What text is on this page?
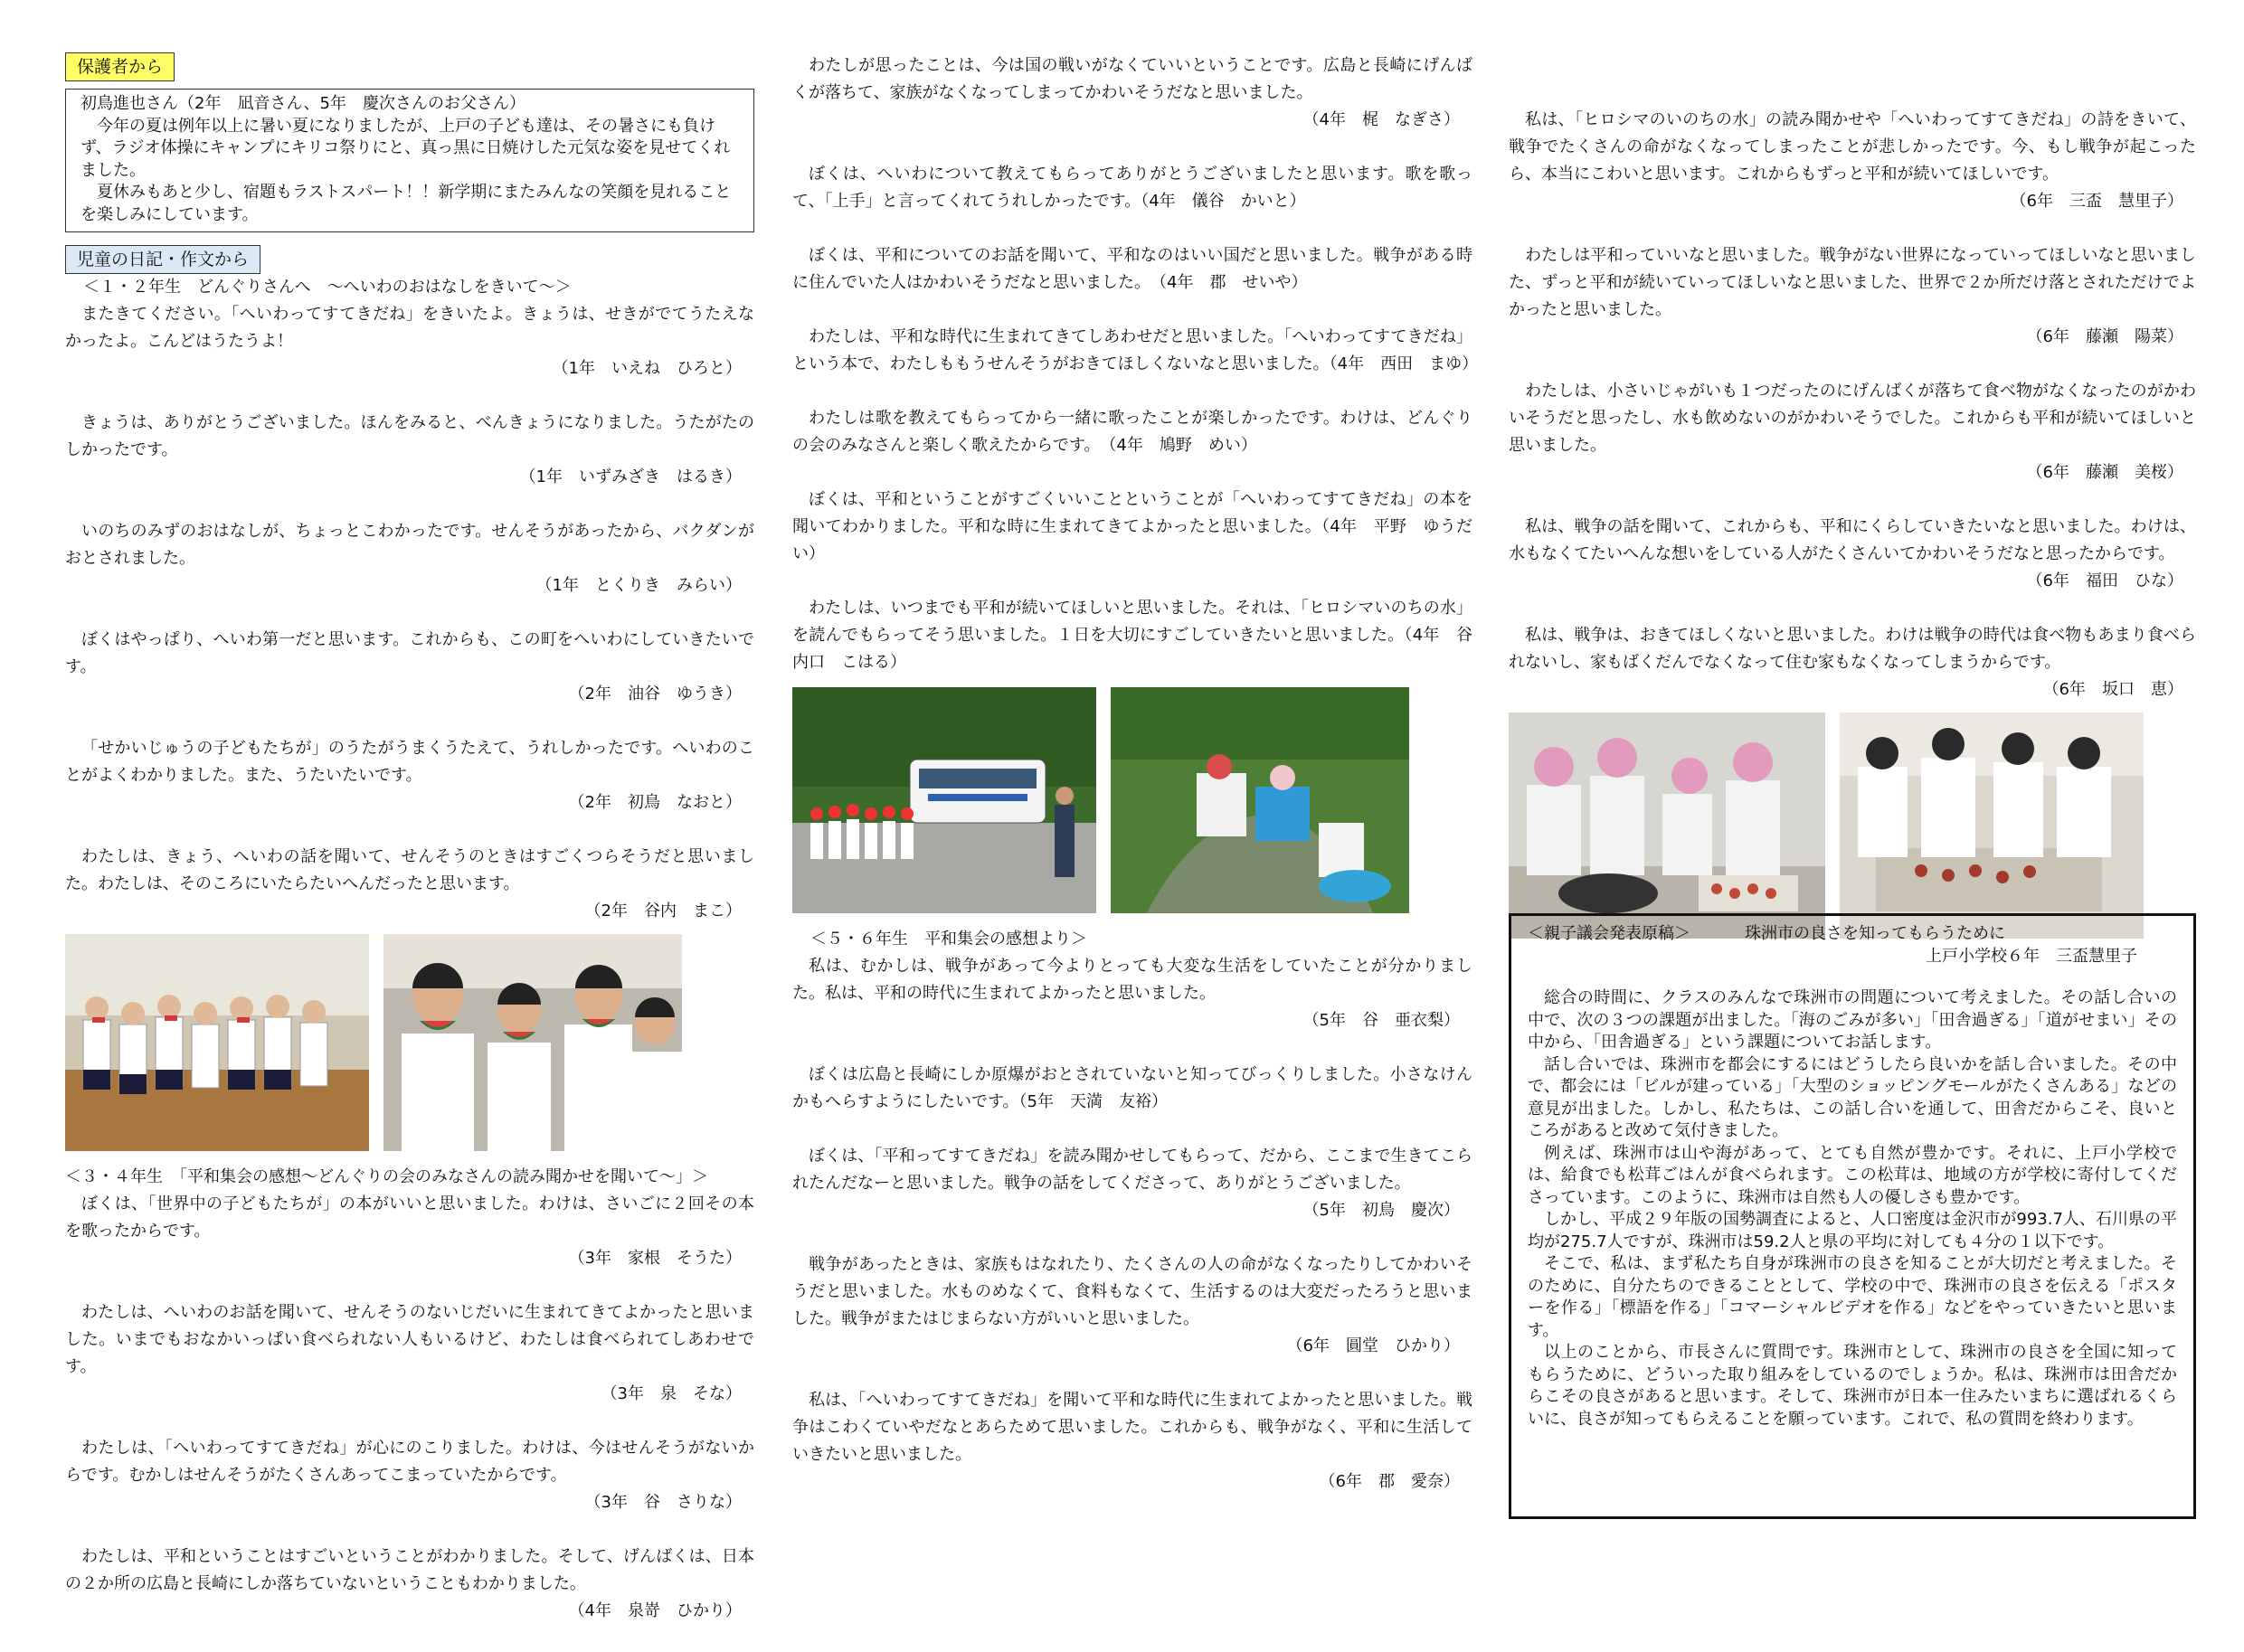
保護者から

初鳥進也さん（2年　凪音さん、5年　慶次さんのお父さん）

今年の夏は例年以上に暑い夏になりましたが、上戸の子ども達は、その暑さにも負けず、ラジオ体操にキャンプにキリコ祭りにと、真っ黒に日焼けした元気な姿を見せてくれました。

夏休みもあと少し、宿題もラストスパート！！新学期にまたみんなの笑顔を見れることを楽しみにしています。

児童の日記・作文から

＜１・２年生　どんぐりさんへ　～へいわのおはなしをきいて～＞

またきてください。「へいわってすてきだね」をきいたよ。きょうは、せきがでてうたえなかったよ。こんどはうたうよ！
（1年　いえね　ひろと）
きょうは、ありがとうございました。ほんをみると、べんきょうになりました。うたがたのしかったです。
（1年　いずみざき　はるき）
いのちのみずのおはなしが、ちょっとこわかったです。せんそうがあったから、バクダンがおとされました。
（1年　とくりき　みらい）
ぼくはやっぱり、へいわ第一だと思います。これからも、この町をへいわにしていきたいです。
（2年　油谷　ゆうき）
「せかいじゅうの子どもたちが」のうたがうまくうたえて、うれしかったです。へいわのことがよくわかりました。また、うたいたいです。
（2年　初鳥　なおと）
わたしは、きょう、へいわの話を聞いて、せんそうのときはすごくつらそうだと思いました。わたしは、そのころにいたらたいへんだったと思います。
（2年　谷内　まこ）

＜３・４年生　「平和集会の感想～どんぐりの会のみなさんの読み聞かせを聞いて～」＞

ぼくは、「世界中の子どもたちが」の本がいいと思いました。わけは、さいごに２回その本を歌ったからです。
（3年　家根　そうた）
わたしは、へいわのお話を聞いて、せんそうのないじだいに生まれてきてよかったと思いました。いまでもおなかいっぱい食べられない人もいるけど、わたしは食べられてしあわせです。
（3年　泉　そな）
わたしは、「へいわってすてきだね」が心にのこりました。わけは、今はせんそうがないからです。むかしはせんそうがたくさんあってこまっていたからです。
（3年　谷　さりな）
わたしは、平和ということはすごいということがわかりました。そして、げんばくは、日本の２か所の広島と長崎にしか落ちていないということもわかりました。
（4年　泉嵜　ひかり）
わたしが思ったことは、今は国の戦いがなくていいということです。広島と長崎にげんばくが落ちて、家族がなくなってしまってかわいそうだなと思いました。
（4年　梶　なぎさ）
ぼくは、へいわについて教えてもらってありがとうございましたと思います。歌を歌って、「上手」と言ってくれてうれしかったです。（4年　儀谷　かいと）
ぼくは、平和についてのお話を聞いて、平和なのはいい国だと思いました。戦争がある時に住んでいた人はかわいそうだなと思いました。　（4年　郡　せいや）
わたしは、平和な時代に生まれてきてしあわせだと思いました。「へいわってすてきだね」という本で、わたしももうせんそうがおきてほしくないなと思いました。（4年　西田　まゆ）
わたしは歌を教えてもらってから一緒に歌ったことが楽しかったです。わけは、どんぐりの会のみなさんと楽しく歌えたからです。　（4年　鳩野　めい）
ぼくは、平和ということがすごくいいことということが「へいわってすてきだね」の本を聞いてわかりました。平和な時に生まれてきてよかったと思いました。（4年　平野　ゆうだい）
わたしは、いつまでも平和が続いてほしいと思いました。それは、「ヒロシマいのちの水」を読んでもらってそう思いました。１日を大切にすごしていきたいと思いました。（4年　谷内口　こはる）

＜５・６年生　平和集会の感想より＞

私は、むかしは、戦争があって今よりとっても大変な生活をしていたことが分かりました。私は、平和の時代に生まれてよかったと思いました。
（5年　谷　亜衣梨）
ぼくは広島と長崎にしか原爆がおとされていないと知ってびっくりしました。小さなけんかもへらすようにしたいです。（5年　天満　友裕）
ぼくは、「平和ってすてきだね」を読み聞かせしてもらって、だから、ここまで生きてこられたんだなーと思いました。戦争の話をしてくださって、ありがとうございました。
（5年　初鳥　慶次）
戦争があったときは、家族もはなれたり、たくさんの人の命がなくなったりしてかわいそうだと思いました。水ものめなくて、食料もなくて、生活するのは大変だったろうと思いました。戦争がまたはじまらない方がいいと思いました。
（6年　圓堂　ひかり）
私は、「へいわってすてきだね」を聞いて平和な時代に生まれてよかったと思いました。戦争はこわくていやだなとあらためて思いました。これからも、戦争がなく、平和に生活していきたいと思いました。
（6年　郡　愛奈）
私は、「ヒロシマのいのちの水」の読み聞かせや「へいわってすてきだね」の詩をきいて、戦争でたくさんの命がなくなってしまったことが悲しかったです。今、もし戦争が起こったら、本当にこわいと思います。これからもずっと平和が続いてほしいです。
（6年　三盃　慧里子）
わたしは平和っていいなと思いました。戦争がない世界になっていってほしいなと思いました、ずっと平和が続いていってほしいなと思いました、世界で２か所だけ落とされただけでよかったと思いました。
（6年　藤瀬　陽菜）
わたしは、小さいじゃがいも１つだったのにげんばくが落ちて食べ物がなくなったのがかわいそうだと思ったし、水も飲めないのがかわいそうでした。これからも平和が続いてほしいと思いました。
（6年　藤瀬　美桜）
私は、戦争の話を聞いて、これからも、平和にくらしていきたいなと思いました。わけは、水もなくてたいへんな想いをしている人がたくさんいてかわいそうだなと思ったからです。
（6年　福田　ひな）
私は、戦争は、おきてほしくないと思いました。わけは戦争の時代は食べ物もあまり食べられないし、家もばくだんでなくなって住む家もなくなってしまうからです。
（6年　坂口　恵）
＜親子議会発表原稿＞	珠洲市の良さを知ってもらうために
上戸小学校６年　三盃慧里子

総合の時間に、クラスのみんなで珠洲市の問題について考えました。その話し合いの中で、次の３つの課題が出ました。「海のごみが多い」「田舎過ぎる」「道がせまい」その中から、「田舎過ぎる」という課題についてお話します。

話し合いでは、珠洲市を都会にするにはどうしたら良いかを話し合いました。その中で、都会には「ビルが建っている」「大型のショッピングモールがたくさんある」などの意見が出ました。しかし、私たちは、この話し合いを通して、田舎だからこそ、良いところがあると改めて気付きました。

例えば、珠洲市は山や海があって、とても自然が豊かです。それに、上戸小学校では、給食でも松茸ごはんが食べられます。この松茸は、地域の方が学校に寄付してくださっています。このように、珠洲市は自然も人の優しさも豊かです。

しかし、平成２９年版の国勢調査によると、人口密度は金沢市が993.7人、石川県の平均が275.7人ですが、珠洲市は59.2人と県の平均に対しても４分の１以下です。

そこで、私は、まず私たち自身が珠洲市の良さを知ることが大切だと考えました。そのために、自分たちのできることとして、学校の中で、珠洲市の良さを伝える「ポスターを作る」「標語を作る」「コマーシャルビデオを作る」などをやっていきたいと思います。

以上のことから、市長さんに質問です。珠洲市として、珠洲市の良さを全国に知ってもらうために、どういった取り組みをしているのでしょうか。私は、珠洲市は田舎だからこその良さがあると思います。そして、珠洲市が日本一住みたいまちに選ばれるくらいに、良さが知ってもらえることを願っています。これで、私の質問を終わります。
